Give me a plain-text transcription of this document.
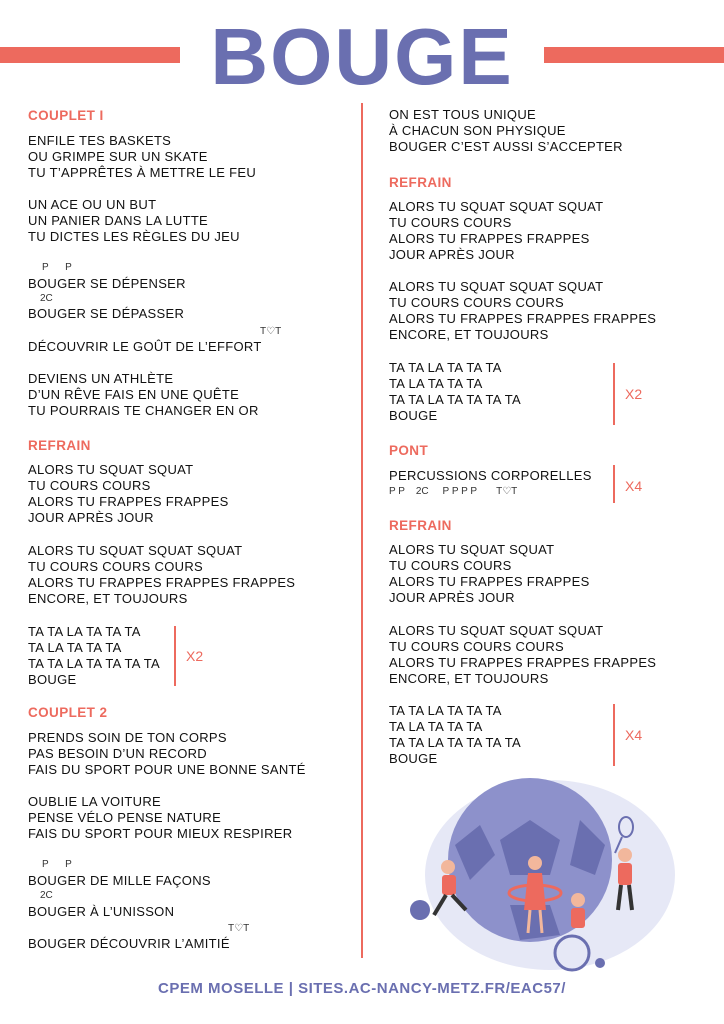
BOUGE
COUPLET I
ENFILE TES BASKETS
OU GRIMPE SUR UN SKATE
TU T’APPRÊTES À METTRE LE FEU
UN ACE OU UN BUT
UN PANIER DANS LA LUTTE
TU DICTES LES RÈGLES DU JEU
P      P
BOUGER SE DÉPENSER
2C
BOUGER SE DÉPASSER
T♡T
DÉCOUVRIR LE GOÛT DE L’EFFORT
DEVIENS UN ATHLÈTE
D’UN RÊVE FAIS EN UNE QUÊTE
TU POURRAIS TE CHANGER EN OR
REFRAIN
ALORS TU SQUAT SQUAT
TU COURS COURS
ALORS TU FRAPPES FRAPPES
JOUR APRÈS JOUR
ALORS TU SQUAT SQUAT SQUAT
TU COURS COURS COURS
ALORS TU FRAPPES FRAPPES FRAPPES
ENCORE, ET TOUJOURS
TA TA LA TA TA TA
TA LA TA TA TA
TA TA LA TA TA TA TA
BOUGE
X2
COUPLET 2
PRENDS SOIN DE TON CORPS
PAS BESOIN D’UN RECORD
FAIS DU SPORT POUR UNE BONNE SANTÉ
OUBLIE LA VOITURE
PENSE VÉLO PENSE NATURE
FAIS DU SPORT POUR MIEUX RESPIRER
P      P
BOUGER DE MILLE FAÇONS
2C
BOUGER À L’UNISSON
T♡T
BOUGER DÉCOUVRIR L’AMITIÉ
ON EST TOUS UNIQUE
À CHACUN SON PHYSIQUE
BOUGER C’EST AUSSI S’ACCEPTER
REFRAIN
ALORS TU SQUAT SQUAT SQUAT
TU COURS COURS
ALORS TU FRAPPES FRAPPES
JOUR APRÈS JOUR
ALORS TU SQUAT SQUAT SQUAT
TU COURS COURS COURS
ALORS TU FRAPPES FRAPPES FRAPPES
ENCORE, ET TOUJOURS
TA TA LA TA TA TA
TA LA TA TA TA
TA TA LA TA TA TA TA
BOUGE
X2
PONT
PERCUSSIONS CORPORELLES
P P    2C     P P P P       T♡T	X4
REFRAIN
ALORS TU SQUAT SQUAT
TU COURS COURS
ALORS TU FRAPPES FRAPPES
JOUR APRÈS JOUR
ALORS TU SQUAT SQUAT SQUAT
TU COURS COURS COURS
ALORS TU FRAPPES FRAPPES FRAPPES
ENCORE, ET TOUJOURS
TA TA LA TA TA TA
TA LA TA TA TA
TA TA LA TA TA TA TA
BOUGE
X4
CPEM MOSELLE | SITES.AC-NANCY-METZ.FR/EAC57/
